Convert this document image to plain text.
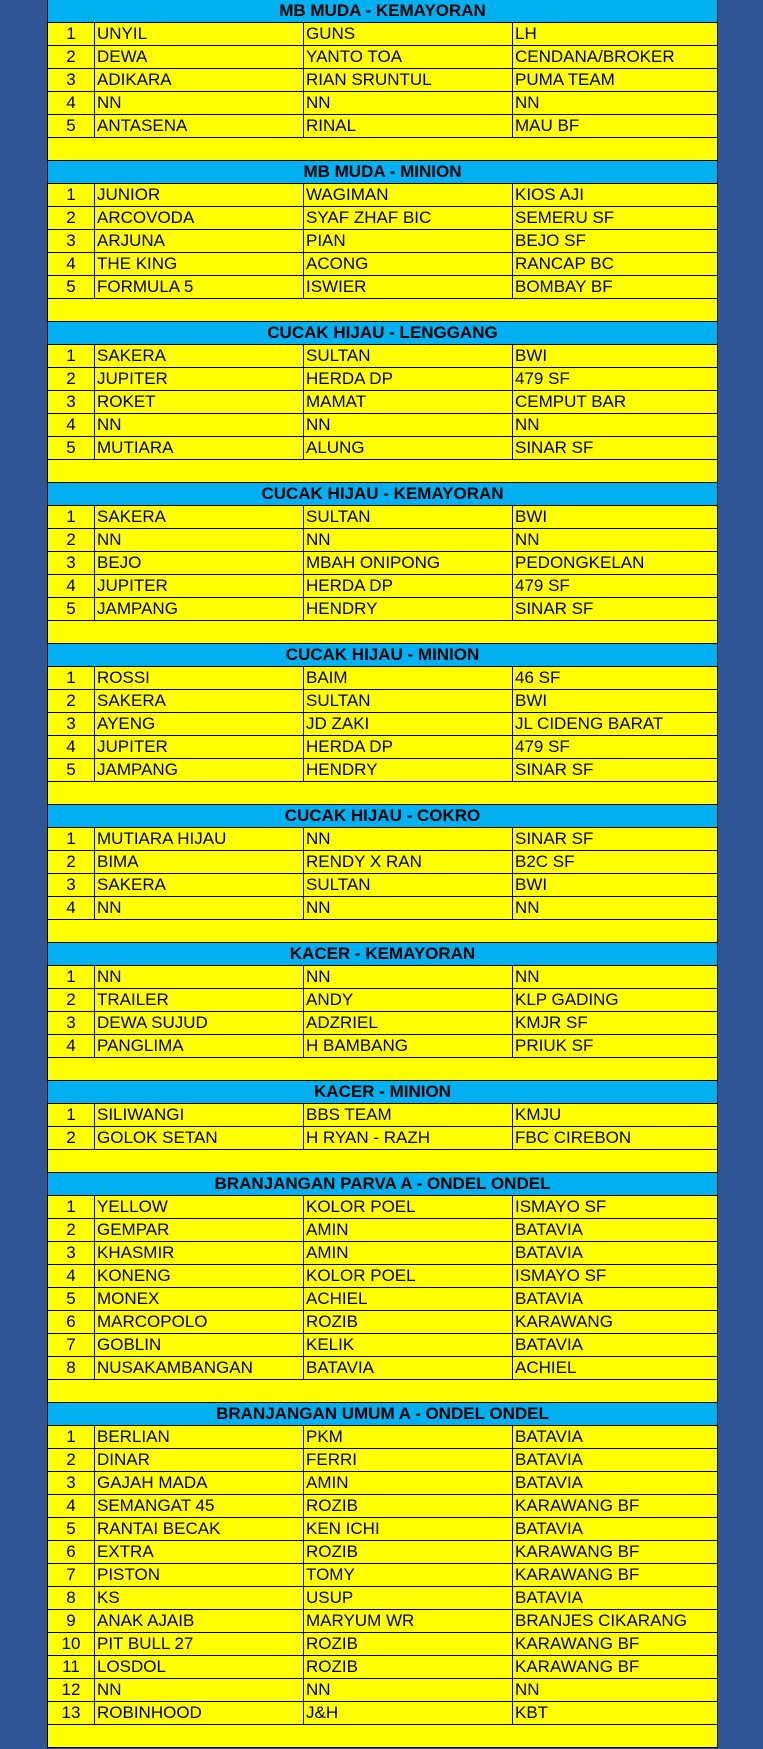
MB MUDA - KEMAYORAN
1	UNYIL	GUNS	LH
2	DEWA	YANTO TOA	CENDANA/BROKER
3	ADIKARA	RIAN SRUNTUL	PUMA TEAM
4	NN	NN	NN
5	ANTASENA	RINAL	MAU BF
MB MUDA - MINION
1	JUNIOR	WAGIMAN	KIOS AJI
2	ARCOVODA	SYAF ZHAF BIC	SEMERU SF
3	ARJUNA	PIAN	BEJO SF
4	THE KING	ACONG	RANCAP BC
5	FORMULA 5	ISWIER	BOMBAY BF
CUCAK HIJAU - LENGGANG
1	SAKERA	SULTAN	BWI
2	JUPITER	HERDA DP	479 SF
3	ROKET	MAMAT	CEMPUT BAR
4	NN	NN	NN
5	MUTIARA	ALUNG	SINAR SF
CUCAK HIJAU - KEMAYORAN
1	SAKERA	SULTAN	BWI
2	NN	NN	NN
3	BEJO	MBAH ONIPONG	PEDONGKELAN
4	JUPITER	HERDA DP	479 SF
5	JAMPANG	HENDRY	SINAR SF
CUCAK HIJAU - MINION
1	ROSSI	BAIM	46 SF
2	SAKERA	SULTAN	BWI
3	AYENG	JD ZAKI	JL CIDENG BARAT
4	JUPITER	HERDA DP	479 SF
5	JAMPANG	HENDRY	SINAR SF
CUCAK HIJAU - COKRO
1	MUTIARA HIJAU	NN	SINAR SF
2	BIMA	RENDY X RAN	B2C SF
3	SAKERA	SULTAN	BWI
4	NN	NN	NN
KACER - KEMAYORAN
1	NN	NN	NN
2	TRAILER	ANDY	KLP GADING
3	DEWA SUJUD	ADZRIEL	KMJR SF
4	PANGLIMA	H BAMBANG	PRIUK SF
KACER - MINION
1	SILIWANGI	BBS TEAM	KMJU
2	GOLOK SETAN	H RYAN - RAZH	FBC CIREBON
BRANJANGAN PARVA A - ONDEL ONDEL
1	YELLOW	KOLOR POEL	ISMAYO SF
2	GEMPAR	AMIN	BATAVIA
3	KHASMIR	AMIN	BATAVIA
4	KONENG	KOLOR POEL	ISMAYO SF
5	MONEX	ACHIEL	BATAVIA
6	MARCOPOLO	ROZIB	KARAWANG
7	GOBLIN	KELIK	BATAVIA
8	NUSAKAMBANGAN	BATAVIA	ACHIEL
BRANJANGAN UMUM A - ONDEL ONDEL
1	BERLIAN	PKM	BATAVIA
2	DINAR	FERRI	BATAVIA
3	GAJAH MADA	AMIN	BATAVIA
4	SEMANGAT 45	ROZIB	KARAWANG BF
5	RANTAI BECAK	KEN ICHI	BATAVIA
6	EXTRA	ROZIB	KARAWANG BF
7	PISTON	TOMY	KARAWANG BF
8	KS	USUP	BATAVIA
9	ANAK AJAIB	MARYUM WR	BRANJES CIKARANG
10 PIT BULL 27	ROZIB	KARAWANG BF
11	LOSDOL	ROZIB	KARAWANG BF
12 NN	NN	NN
13 ROBINHOOD	J&H	KBT
